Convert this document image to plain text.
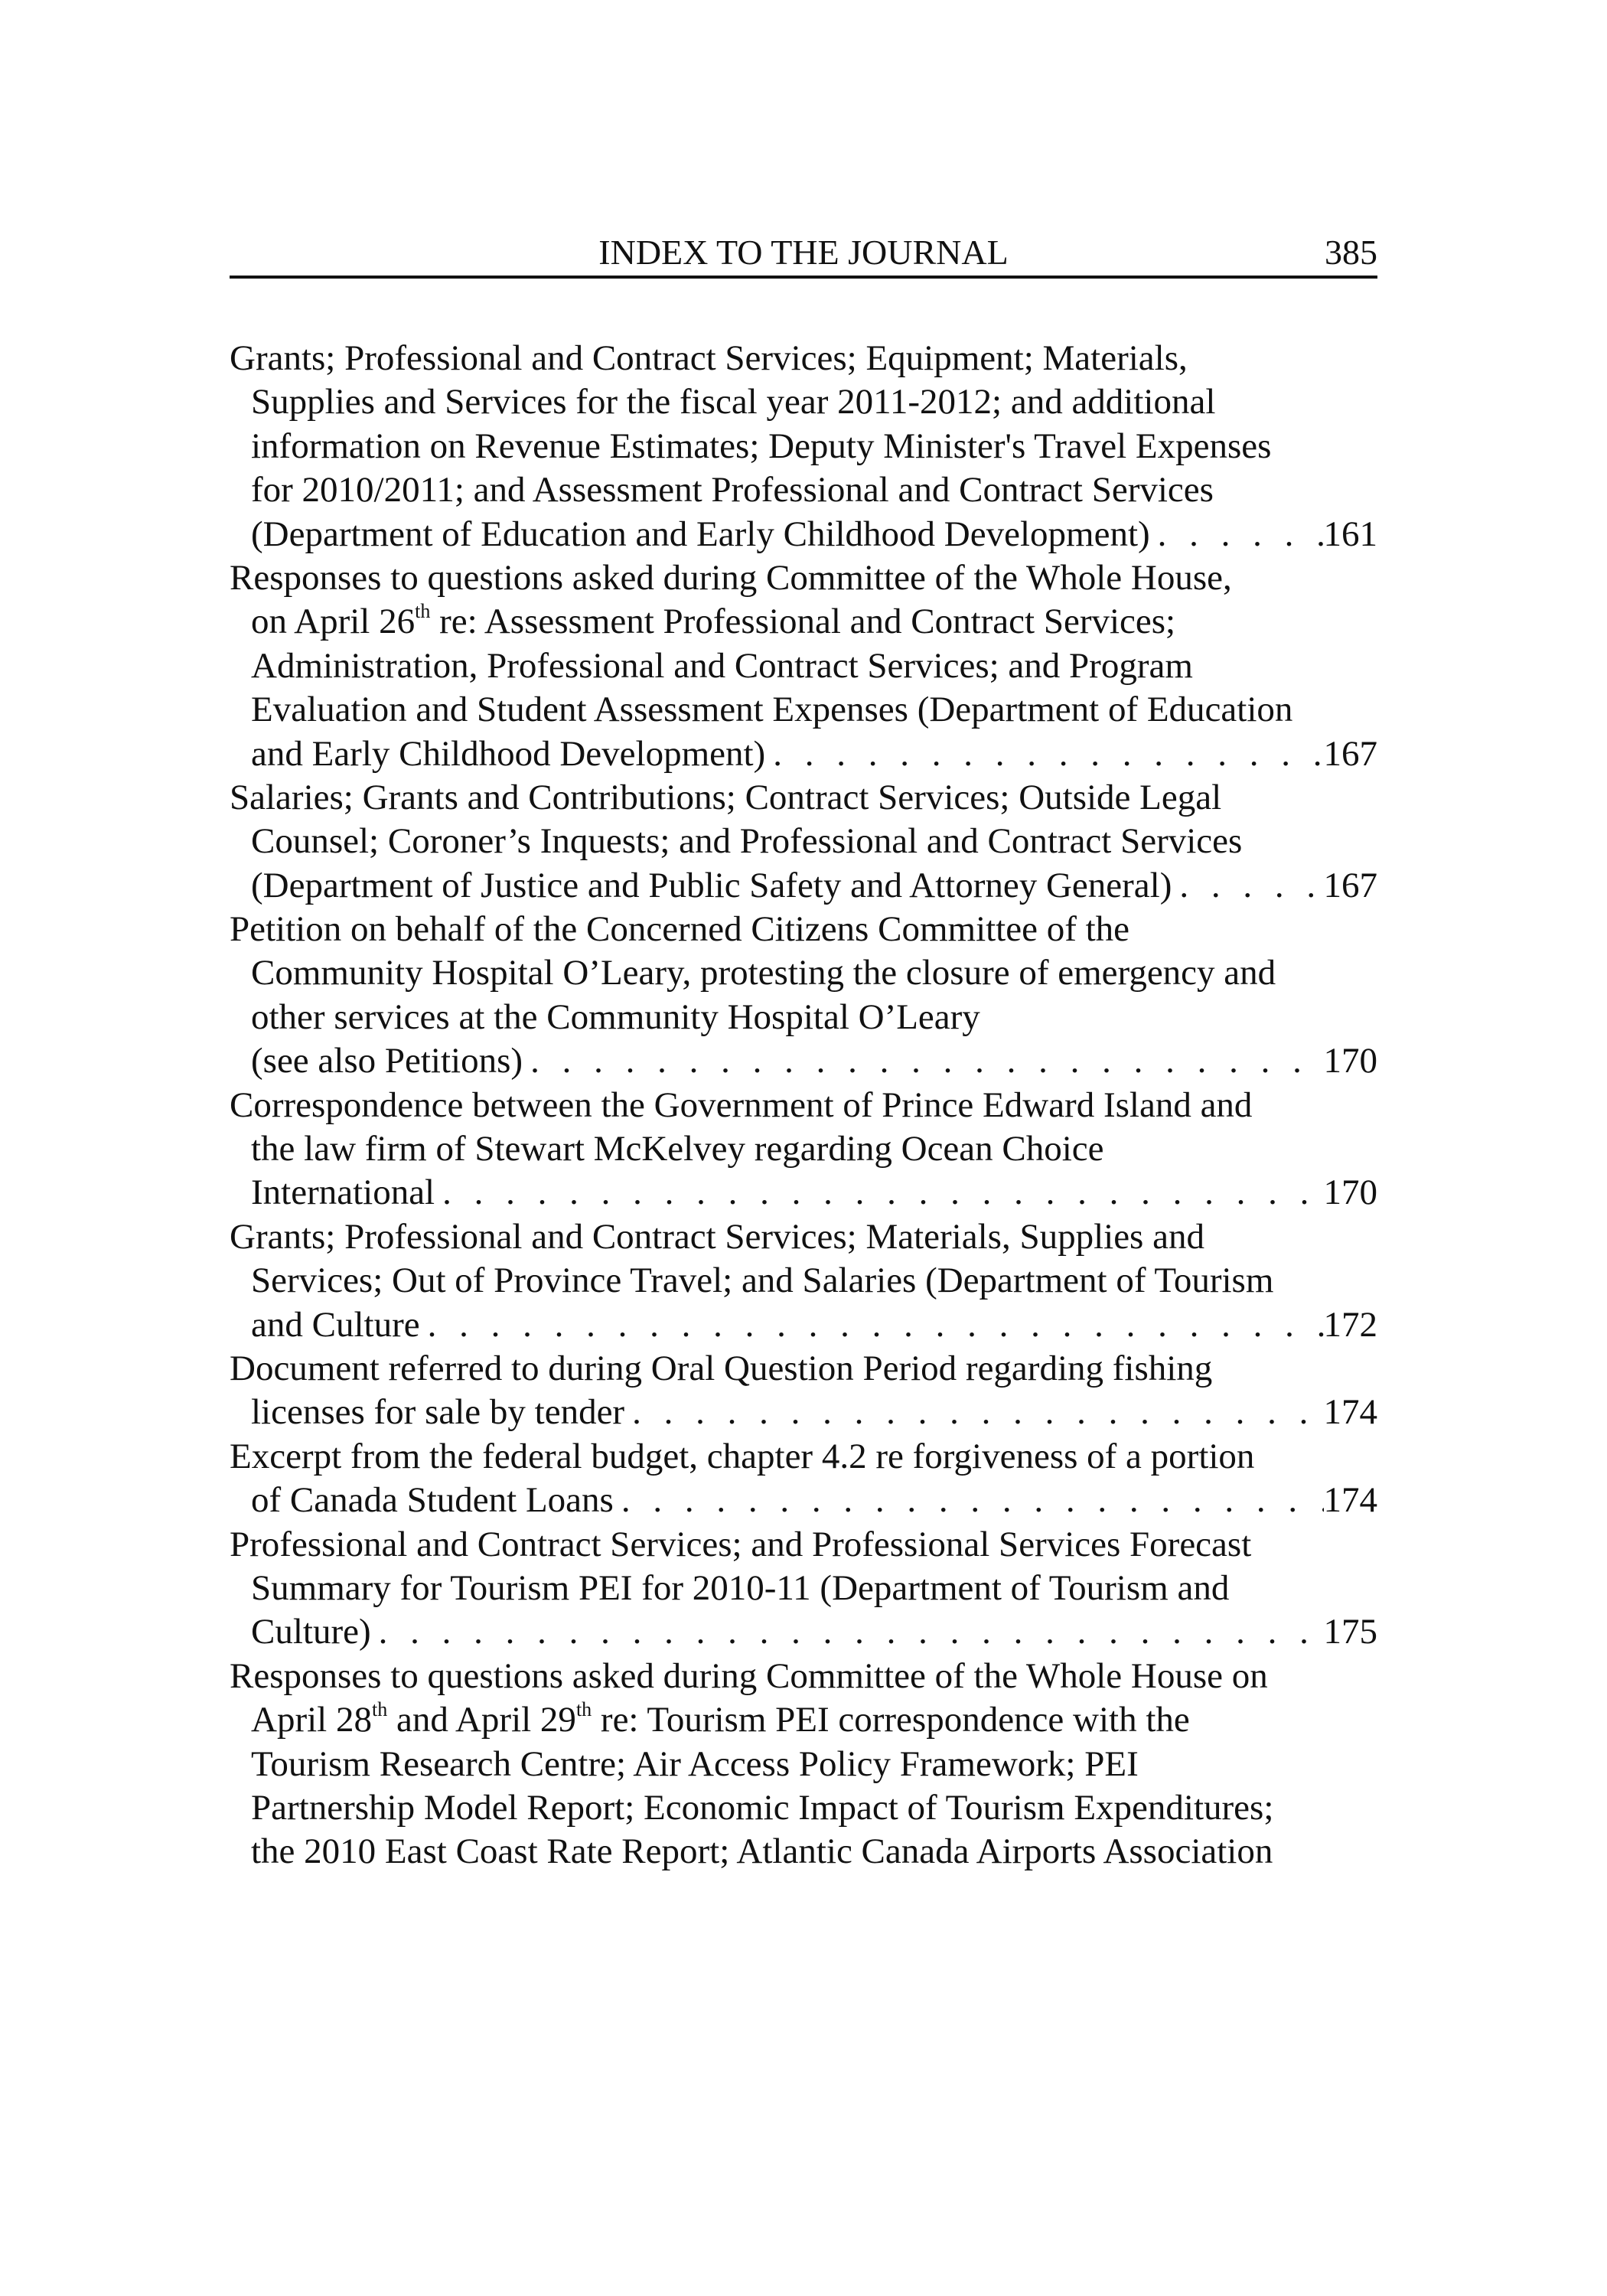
INDEX TO THE JOURNAL	385
Grants; Professional and Contract Services; Equipment; Materials,
Supplies and Services for the fiscal year 2011-2012; and additional
information on Revenue Estimates; Deputy Minister's Travel Expenses
for 2010/2011; and Assessment Professional and Contract Services
(Department of Education and Early Childhood Development) . . .	161
Responses to questions asked during Committee of the Whole House,
on April 26th re: Assessment Professional and Contract Services;
Administration, Professional and Contract Services; and Program
Evaluation and Student Assessment Expenses (Department of Education
and Early Childhood Development) . . .	167
Salaries; Grants and Contributions; Contract Services; Outside Legal
Counsel; Coroner’s Inquests; and Professional and Contract Services
(Department of Justice and Public Safety and Attorney General) . . .	167
Petition on behalf of the Concerned Citizens Committee of the
Community Hospital O’Leary, protesting the closure of emergency and
other services at the Community Hospital O’Leary
(see also Petitions) . . .	170
Correspondence between the Government of Prince Edward Island and
the law firm of Stewart McKelvey regarding Ocean Choice
International . . .	170
Grants; Professional and Contract Services; Materials, Supplies and
Services; Out of Province Travel; and Salaries (Department of Tourism
and Culture . . .	172
Document referred to during Oral Question Period regarding fishing
licenses for sale by tender . . .	174
Excerpt from the federal budget, chapter 4.2 re forgiveness of a portion
of Canada Student Loans . . .	174
Professional and Contract Services; and Professional Services Forecast
Summary for Tourism PEI for 2010-11 (Department of Tourism and
Culture) . . .	175
Responses to questions asked during Committee of the Whole House on
April 28th and April 29th re: Tourism PEI correspondence with the
Tourism Research Centre; Air Access Policy Framework; PEI
Partnership Model Report; Economic Impact of Tourism Expenditures;
the 2010 East Coast Rate Report; Atlantic Canada Airports Association
